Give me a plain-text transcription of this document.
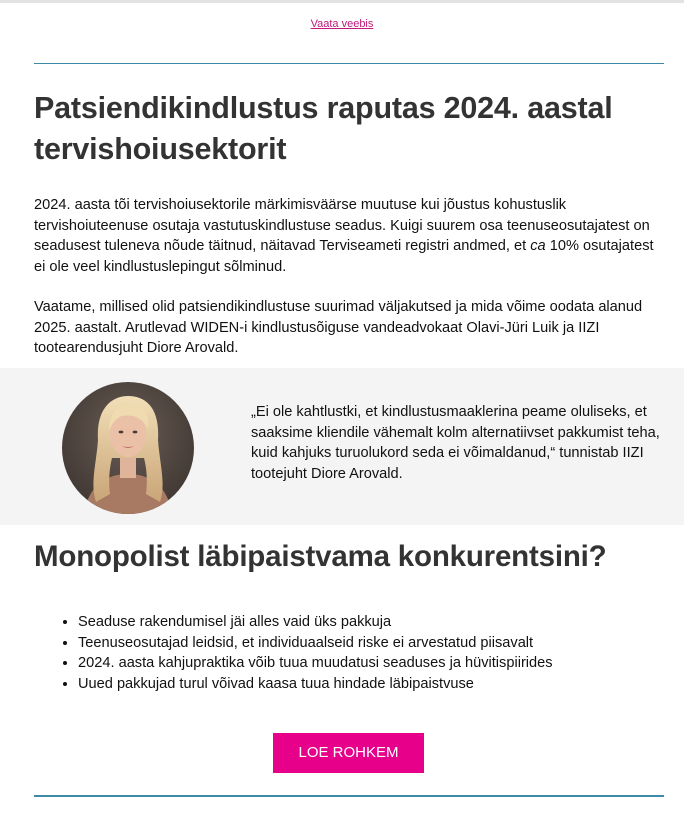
Vaata veebis
Patsiendikindlustus raputas 2024. aastal tervishoiusektorit

2024. aasta tõi tervishoiusektorile märkimisväärse muutuse kui jõustus kohustuslik tervishoiuteenuse osutaja vastutuskindlustuse seadus. Kuigi suurem osa teenuseosutajatest on seadusest tuleneva nõude täitnud, näitavad Terviseameti registri andmed, et ca 10% osutajatest ei ole veel kindlustuslepingut sõlminud.

Vaatame, millised olid patsiendikindlustuse suurimad väljakutsed ja mida võime oodata alanud 2025. aastalt. Arutlevad WIDEN-i kindlustusõiguse vandeadvokaat Olavi-Jüri Luik ja IIZI tootearendusjuht Diore Arovald.

„Ei ole kahtlustki, et kindlustusmaaklerina peame oluliseks, et saaksime kliendile vähemalt kolm alternatiivset pakkumist teha, kuid kahjuks turuolukord seda ei võimaldanud,“ tunnistab IIZI tootejuht Diore Arovald.

Monopolist läbipaistvama konkurentsini?
• Seaduse rakendumisel jäi alles vaid üks pakkuja
• Teenuseosutajad leidsid, et individuaalseid riske ei arvestatud piisavalt
• 2024. aasta kahjupraktika võib tuua muudatusi seaduses ja hüvitispiirides
• Uued pakkujad turul võivad kaasa tuua hindade läbipaistvuse
LOE ROHKEM
